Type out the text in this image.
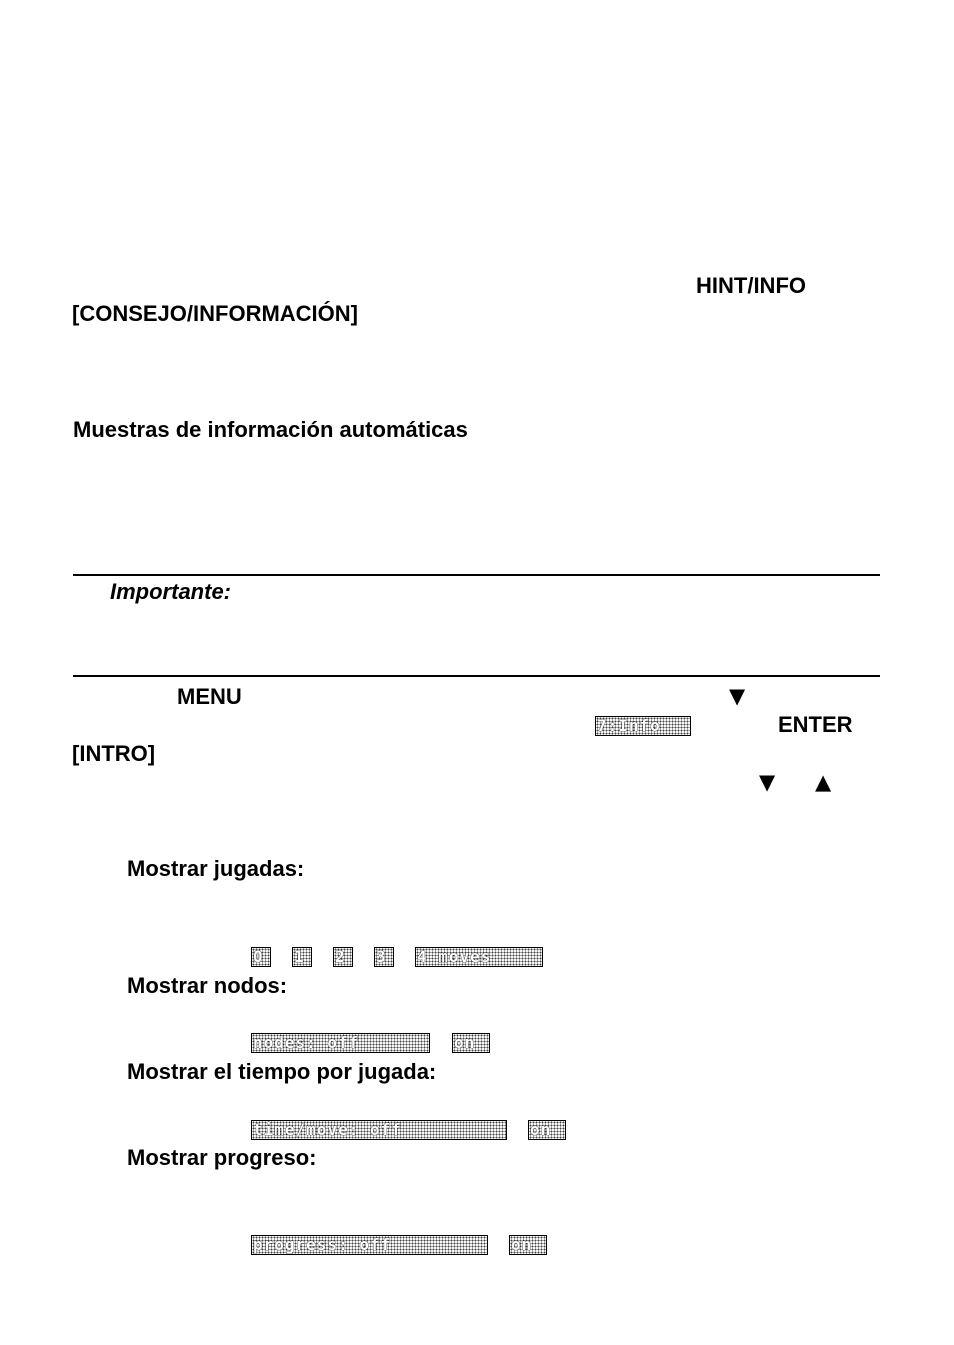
HINT/INFO
[CONSEJO/INFORMACIÓN]
Muestras de información automáticas
Importante:
MENU	▼
7:Info	ENTER
[INTRO]
▼ ▲
Mostrar jugadas:
0	1	2	3	4 moves
Mostrar nodos:
nodes: off	on
Mostrar el tiempo por jugada:
time/move: off	on
Mostrar progreso:
progress: off	on
